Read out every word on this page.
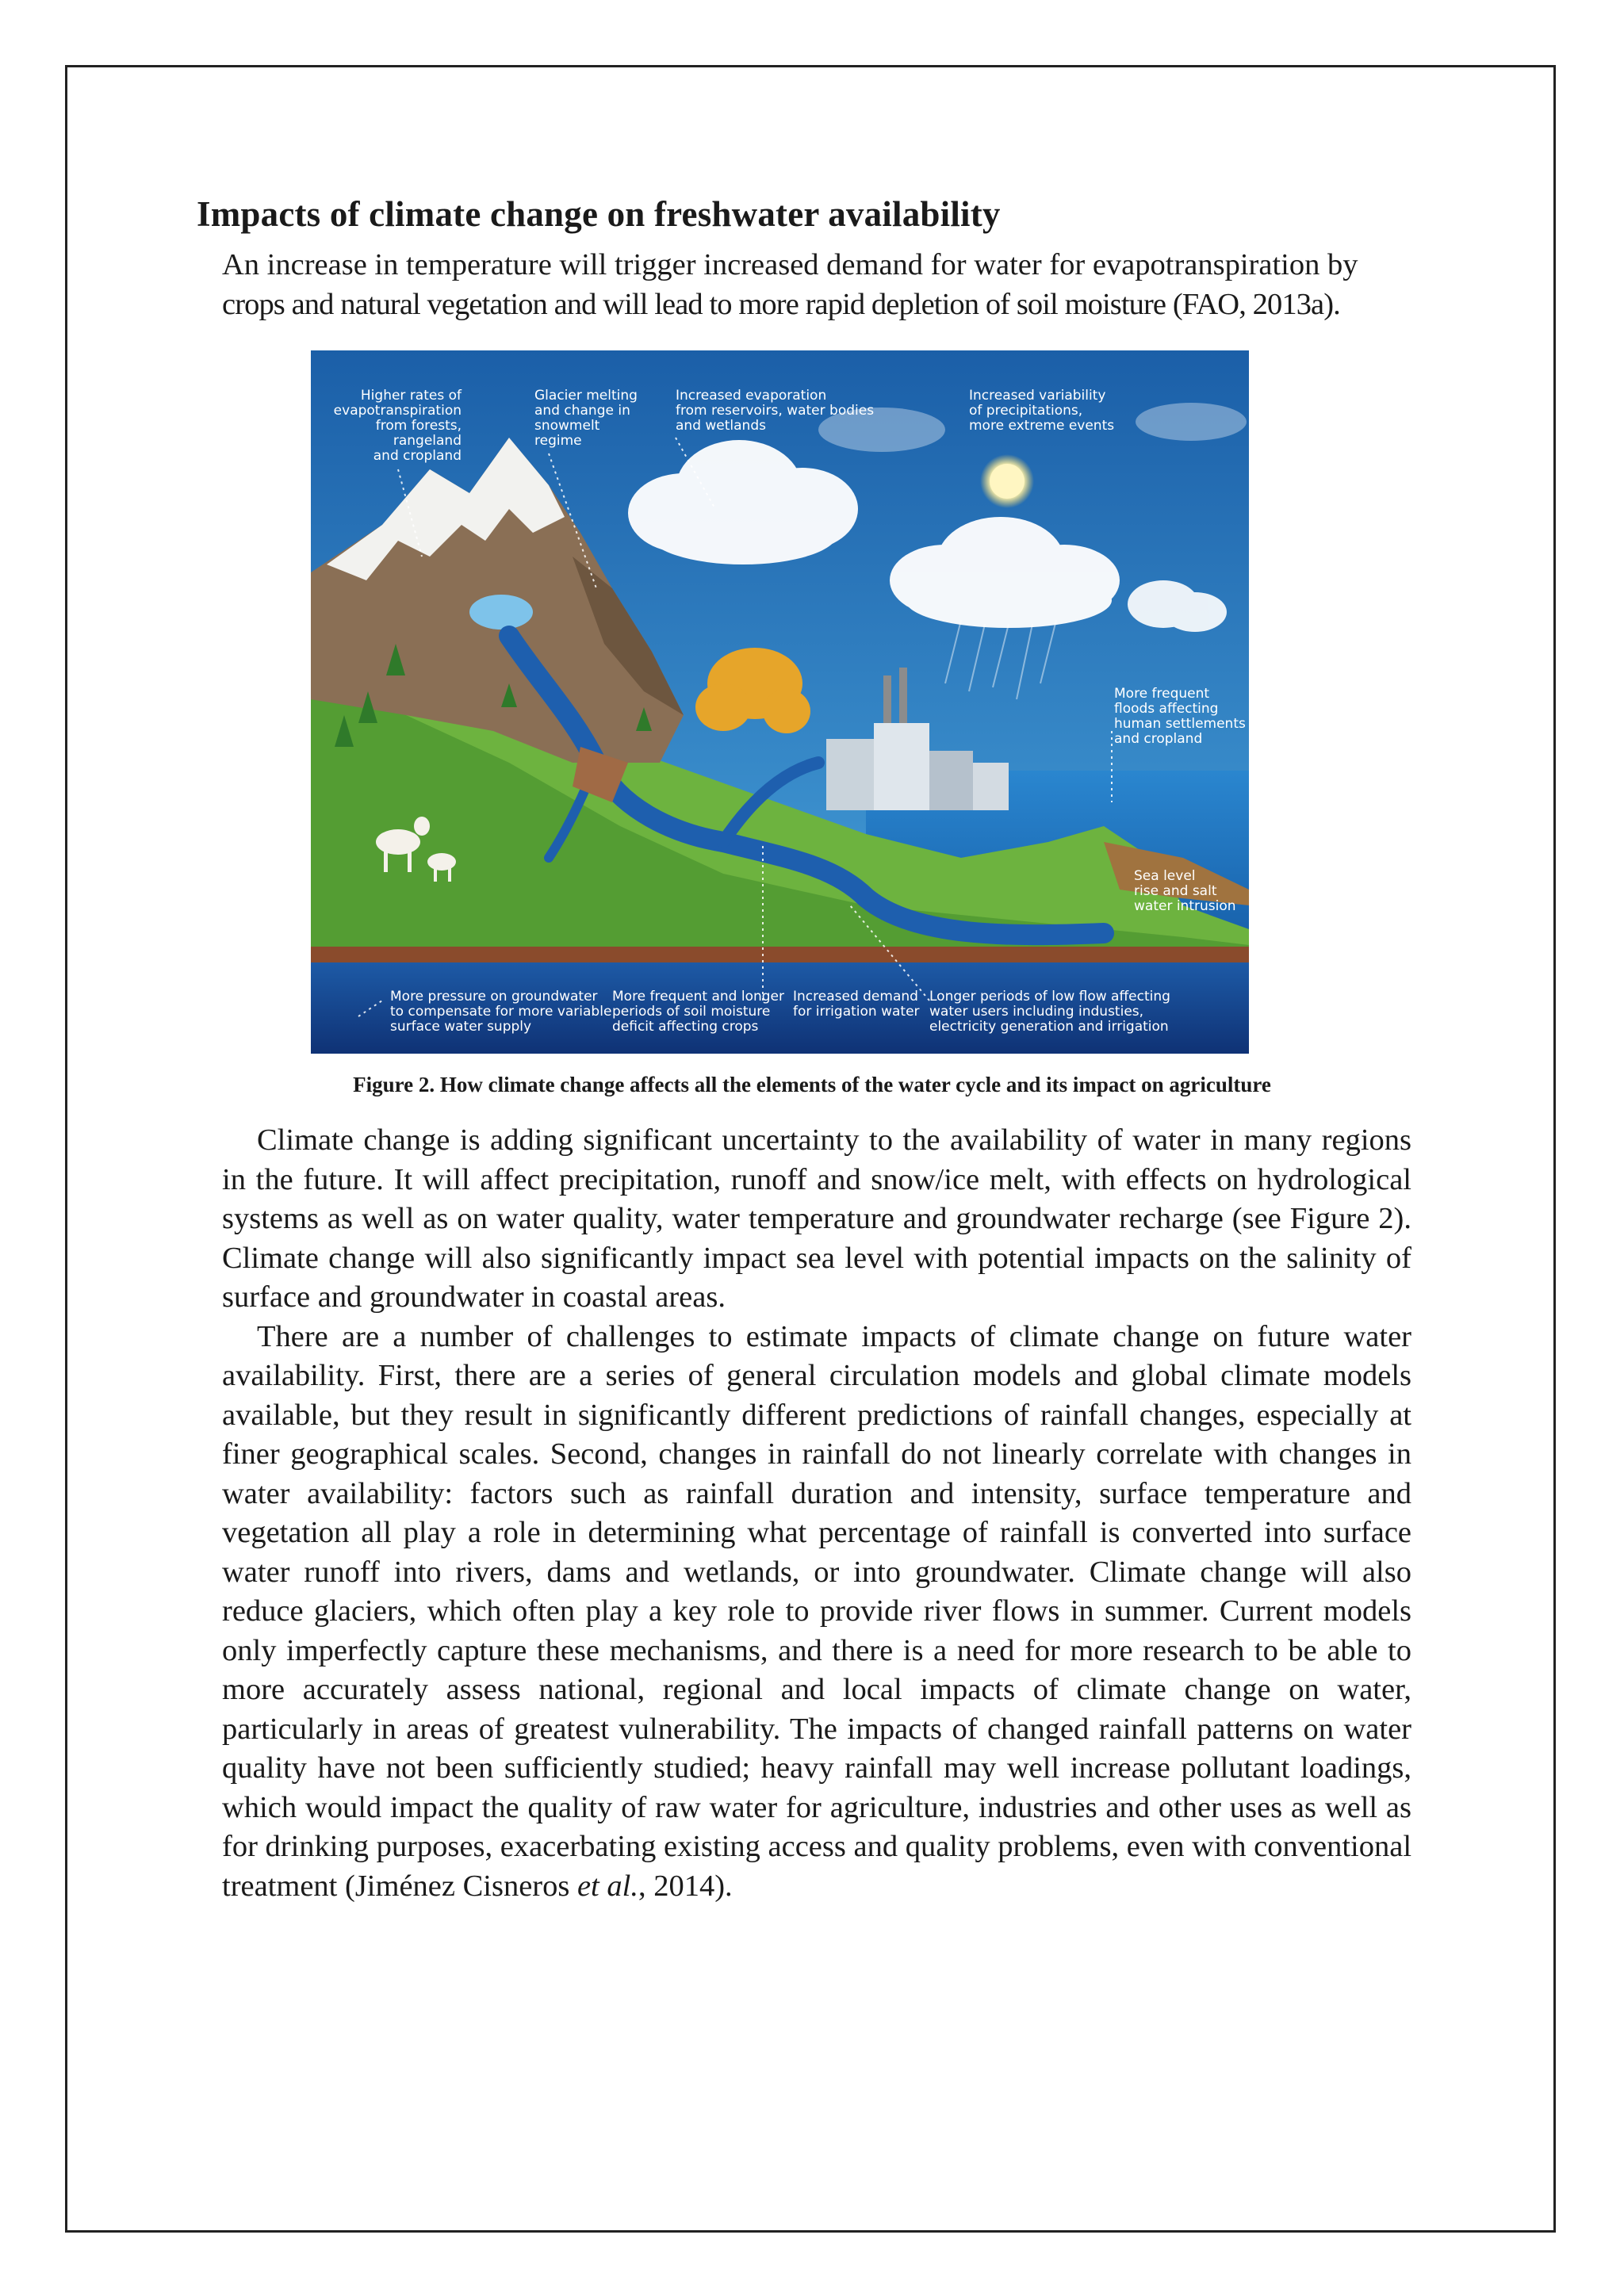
Impacts of climate change on freshwater availability

An increase in temperature will trigger increased demand for water for evapotranspiration by
crops and natural vegetation and will lead to more rapid depletion of soil moisture (FAO, 2013a).

Higher rates of
evapotranspiration
from forests,
rangeland
and cropland
Glacier melting
and change in
snowmelt
regime
Increased evaporation
from reservoirs, water bodies
and wetlands
Increased variability
of precipitations,
more extreme events
More frequent
floods affecting
human settlements
and cropland
Sea level
rise and salt
water intrusion
More pressure on groundwater
to compensate for more variable
surface water supply
More frequent and longer
periods of soil moisture
deficit affecting crops
Increased demand
for irrigation water
Longer periods of low flow affecting
water users including industies,
electricity generation and irrigation
Figure 2. How climate change affects all the elements of the water cycle and its impact on agriculture

Climate change is adding significant uncertainty to the availability of water in many regions in the future. It will affect precipitation, runoff and snow/ice melt, with effects on hydrological systems as well as on water quality, water temperature and groundwater recharge (see Figure 2). Climate change will also significantly impact sea level with potential impacts on the salinity of surface and groundwater in coastal areas.

There are a number of challenges to estimate impacts of climate change on future water availability. First, there are a series of general circulation models and global climate models available, but they result in significantly different predictions of rainfall changes, especially at finer geographical scales. Second, changes in rainfall do not linearly correlate with changes in water availability: factors such as rainfall duration and intensity, surface temperature and vegetation all play a role in determining what percentage of rainfall is converted into surface water runoff into rivers, dams and wetlands, or into groundwater. Climate change will also reduce glaciers, which often play a key role to provide river flows in summer. Current models only imperfectly capture these mechanisms, and there is a need for more research to be able to more accurately assess national, regional and local impacts of climate change on water, particularly in areas of greatest vulnerability. The impacts of changed rainfall patterns on water quality have not been sufficiently studied; heavy rainfall may well increase pollutant loadings, which would impact the quality of raw water for agriculture, industries and other uses as well as for drinking purposes, exacerbating existing access and quality problems, even with conventional treatment (Jiménez Cisneros et al., 2014).
